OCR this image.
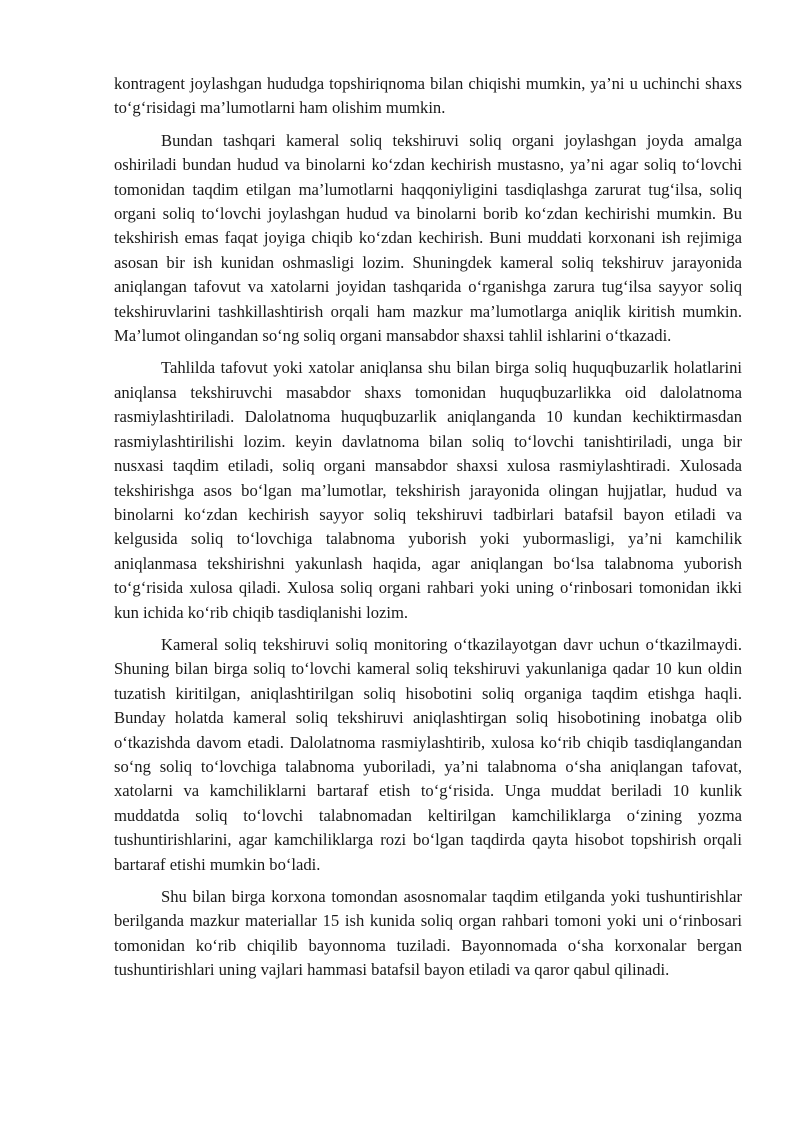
kontragent joylashgan hududga topshiriqnoma bilan chiqishi mumkin, ya’ni u uchinchi shaxs to‘g‘risidagi ma’lumotlarni ham olishim mumkin.

Bundan tashqari kameral soliq tekshiruvi soliq organi joylashgan joyda amalga oshiriladi bundan hudud va binolarni ko‘zdan kechirish mustasno, ya’ni agar soliq to‘lovchi tomonidan taqdim etilgan ma’lumotlarni haqqoniyligini tasdiqlashga zarurat tug‘ilsa, soliq organi soliq to‘lovchi joylashgan hudud va binolarni borib ko‘zdan kechirishi mumkin. Bu tekshirish emas faqat joyiga chiqib ko‘zdan kechirish. Buni muddati korxonani ish rejimiga asosan bir ish kunidan oshmasligi lozim. Shuningdek kameral soliq tekshiruv jarayonida aniqlangan tafovut va xatolarni joyidan tashqarida o‘rganishga zarura tug‘ilsa sayyor soliq tekshiruvlarini tashkillashtirish orqali ham mazkur ma’lumotlarga aniqlik kiritish mumkin. Ma’lumot olingandan so‘ng soliq organi mansabdor shaxsi tahlil ishlarini o‘tkazadi.

Tahlilda tafovut yoki xatolar aniqlansa shu bilan birga soliq huquqbuzarlik holatlarini aniqlansa tekshiruvchi masabdor shaxs tomonidan huquqbuzarlikka oid dalolatnoma rasmiylashtiriladi. Dalolatnoma huquqbuzarlik aniqlanganda 10 kundan kechiktirmasdan rasmiylashtirilishi lozim. keyin davlatnoma bilan soliq to‘lovchi tanishtiriladi, unga bir nusxasi taqdim etiladi, soliq organi mansabdor shaxsi xulosa rasmiylashtiradi. Xulosada tekshirishga asos bo‘lgan ma’lumotlar, tekshirish jarayonida olingan hujjatlar, hudud va binolarni ko‘zdan kechirish sayyor soliq tekshiruvi tadbirlari batafsil bayon etiladi va kelgusida soliq to‘lovchiga talabnoma yuborish yoki yubormasligi, ya’ni kamchilik aniqlanmasa tekshirishni yakunlash haqida, agar aniqlangan bo‘lsa talabnoma yuborish to‘g‘risida xulosa qiladi. Xulosa soliq organi rahbari yoki uning o‘rinbosari tomonidan ikki kun ichida ko‘rib chiqib tasdiqlanishi lozim.

Kameral soliq tekshiruvi soliq monitoring o‘tkazilayotgan davr uchun o‘tkazilmaydi. Shuning bilan birga soliq to‘lovchi kameral soliq tekshiruvi yakunlaniga qadar 10 kun oldin tuzatish kiritilgan, aniqlashtirilgan soliq hisobotini soliq organiga taqdim etishga haqli. Bunday holatda kameral soliq tekshiruvi aniqlashtirgan soliq hisobotining inobatga olib o‘tkazishda davom etadi. Dalolatnoma rasmiylashtirib, xulosa ko‘rib chiqib tasdiqlangandan so‘ng soliq to‘lovchiga talabnoma yuboriladi, ya’ni talabnoma o‘sha aniqlangan tafovat, xatolarni va kamchiliklarni bartaraf etish to‘g‘risida. Unga muddat beriladi 10 kunlik muddatda soliq to‘lovchi talabnomadan keltirilgan kamchiliklarga o‘zining yozma tushuntirishlarini, agar kamchiliklarga rozi bo‘lgan taqdirda qayta hisobot topshirish orqali bartaraf etishi mumkin bo‘ladi.

Shu bilan birga korxona tomondan asosnomalar taqdim etilganda yoki tushuntirishlar berilganda mazkur materiallar 15 ish kunida soliq organ rahbari tomoni yoki uni o‘rinbosari tomonidan ko‘rib chiqilib bayonnoma tuziladi. Bayonnomada o‘sha korxonalar bergan tushuntirishlari uning vajlari hammasi batafsil bayon etiladi va qaror qabul qilinadi.
